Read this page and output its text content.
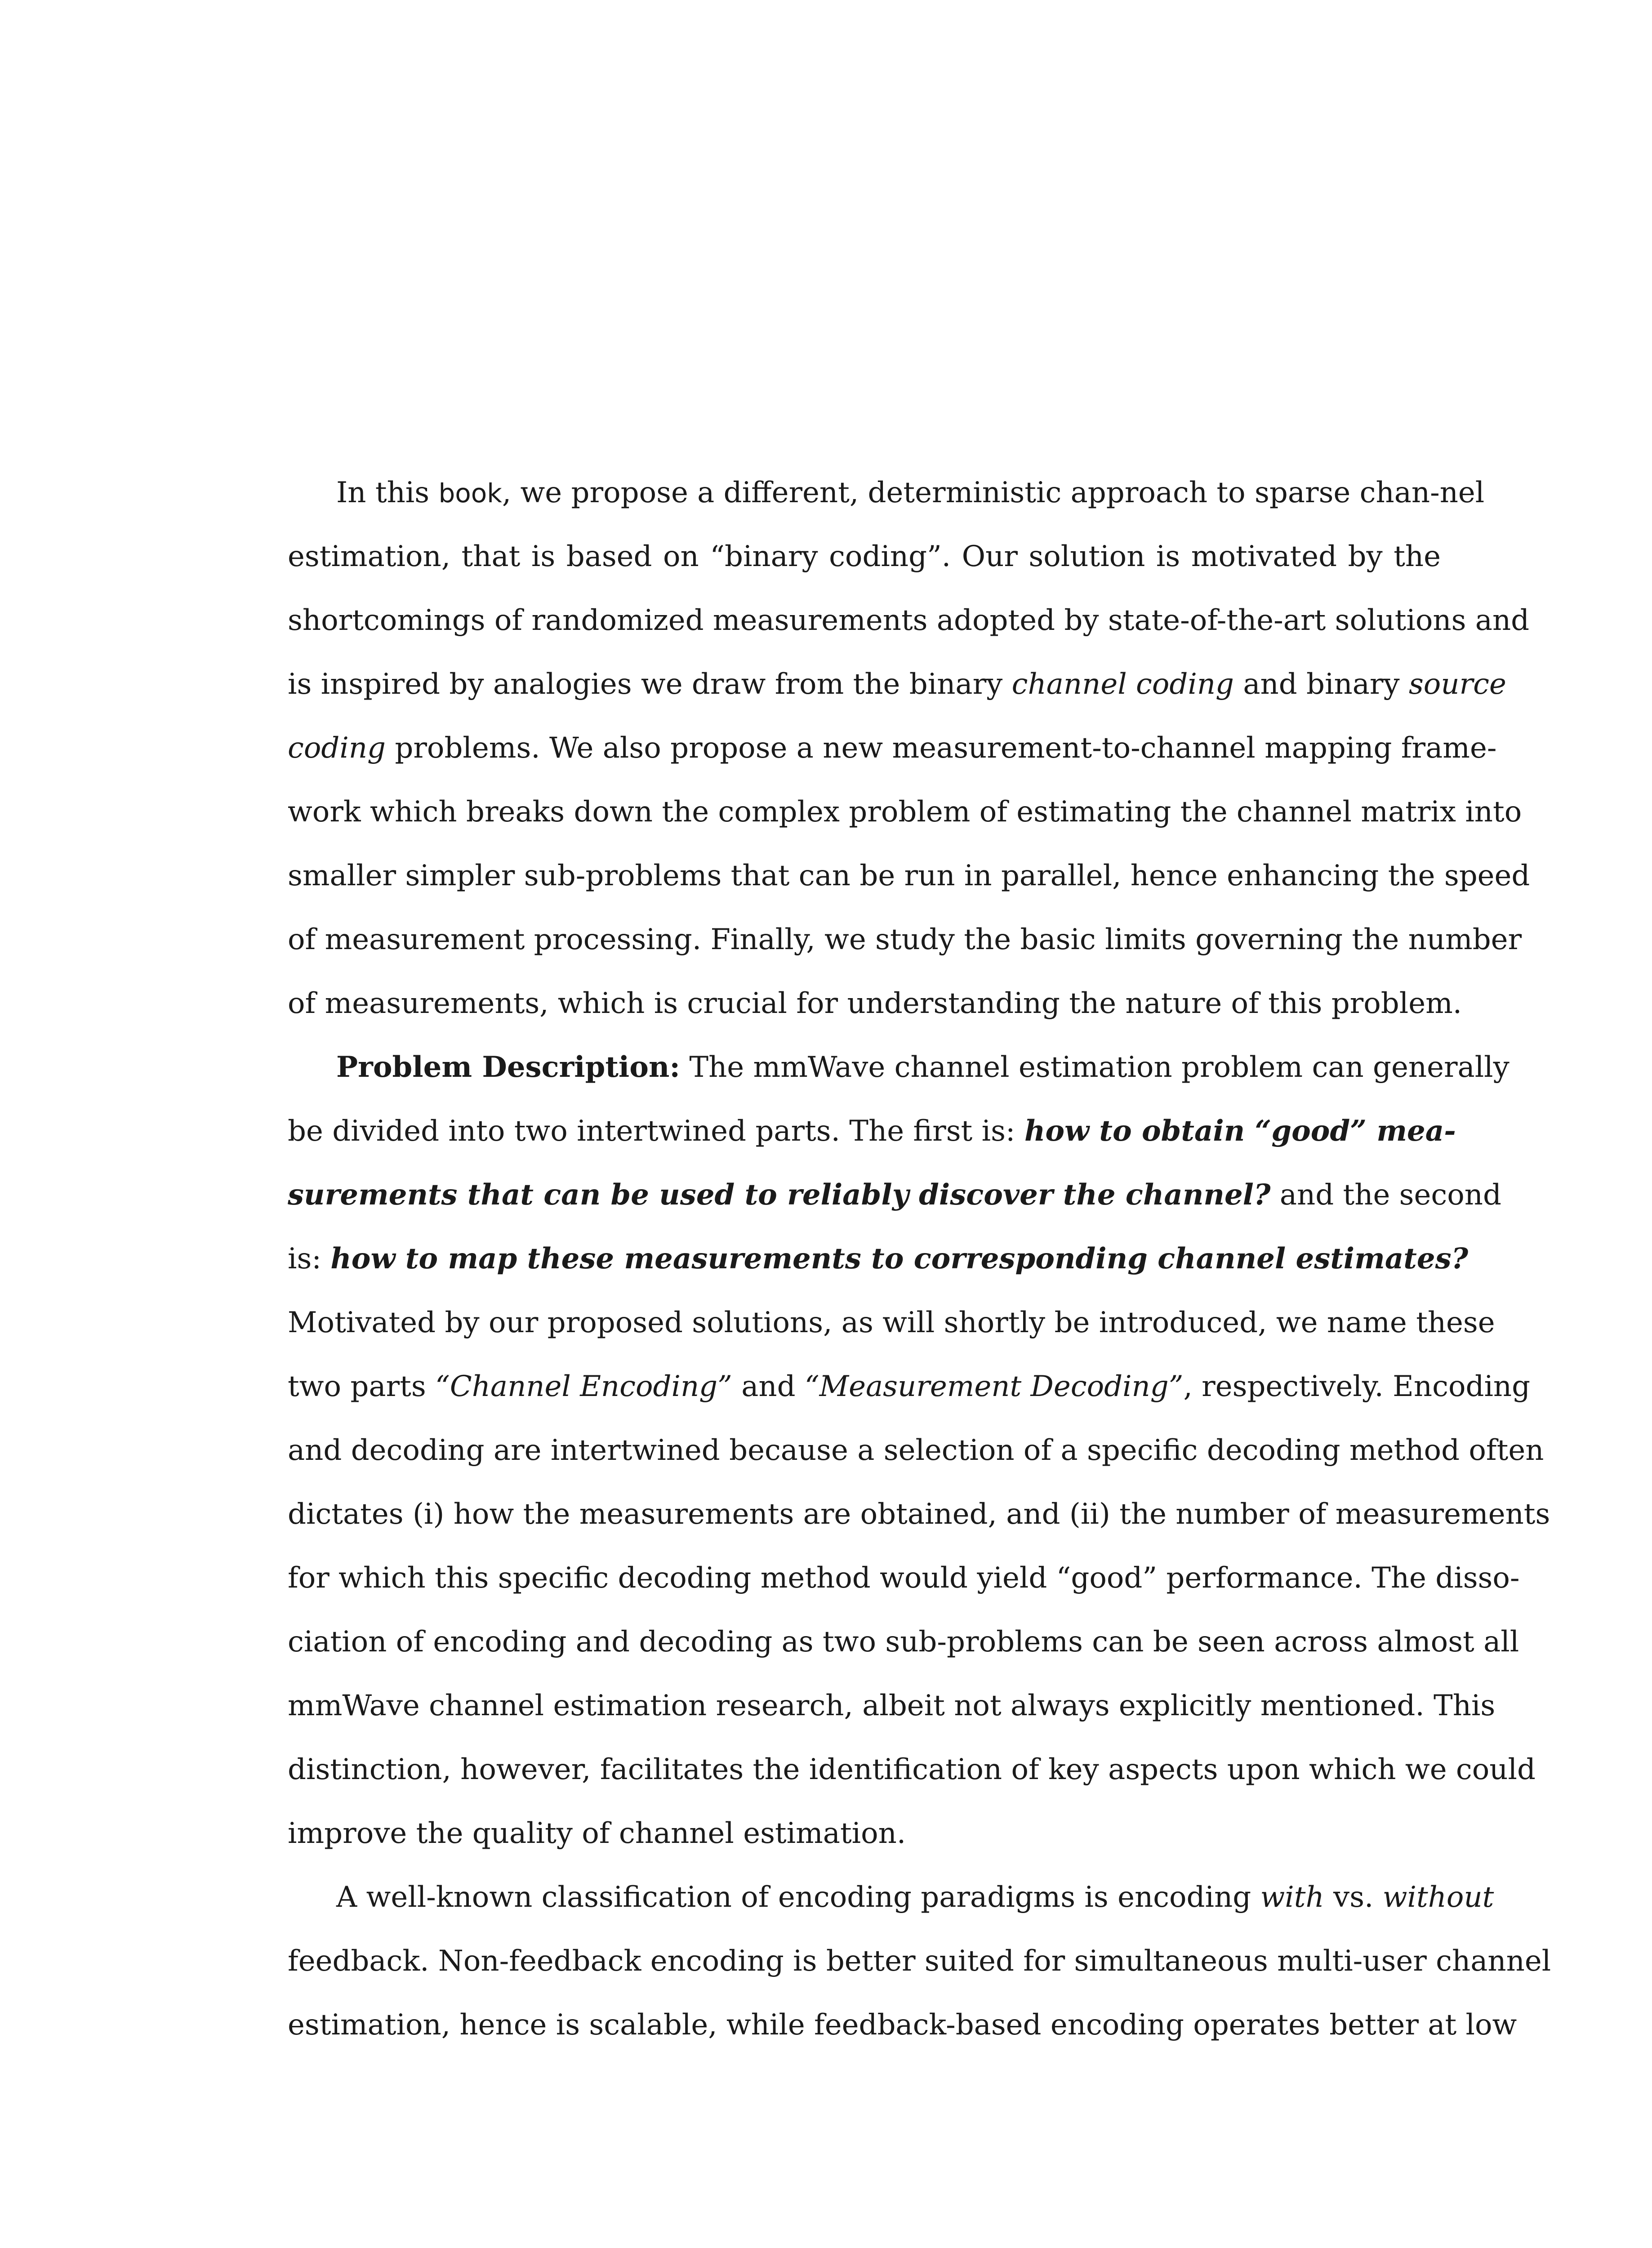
In this book, we propose a different, deterministic approach to sparse chan-nel
estimation, that is based on “binary coding”. Our solution is motivated by the
shortcomings of randomized measurements adopted by state-of-the-art solutions and
is inspired by analogies we draw from the binary channel coding and binary source
coding problems. We also propose a new measurement-to-channel mapping frame-
work which breaks down the complex problem of estimating the channel matrix into
smaller simpler sub-problems that can be run in parallel, hence enhancing the speed
of measurement processing. Finally, we study the basic limits governing the number
of measurements, which is crucial for understanding the nature of this problem.
Problem Description: The mmWave channel estimation problem can generally
be divided into two intertwined parts. The first is: how to obtain “good” mea-
surements that can be used to reliably discover the channel? and the second
is: how to map these measurements to corresponding channel estimates?
Motivated by our proposed solutions, as will shortly be introduced, we name these
two parts “Channel Encoding” and “Measurement Decoding”, respectively. Encoding
and decoding are intertwined because a selection of a specific decoding method often
dictates (i) how the measurements are obtained, and (ii) the number of measurements
for which this specific decoding method would yield “good” performance. The disso-
ciation of encoding and decoding as two sub-problems can be seen across almost all
mmWave channel estimation research, albeit not always explicitly mentioned. This
distinction, however, facilitates the identification of key aspects upon which we could
improve the quality of channel estimation.
A well-known classification of encoding paradigms is encoding with vs. without
feedback. Non-feedback encoding is better suited for simultaneous multi-user channel
estimation, hence is scalable, while feedback-based encoding operates better at low
